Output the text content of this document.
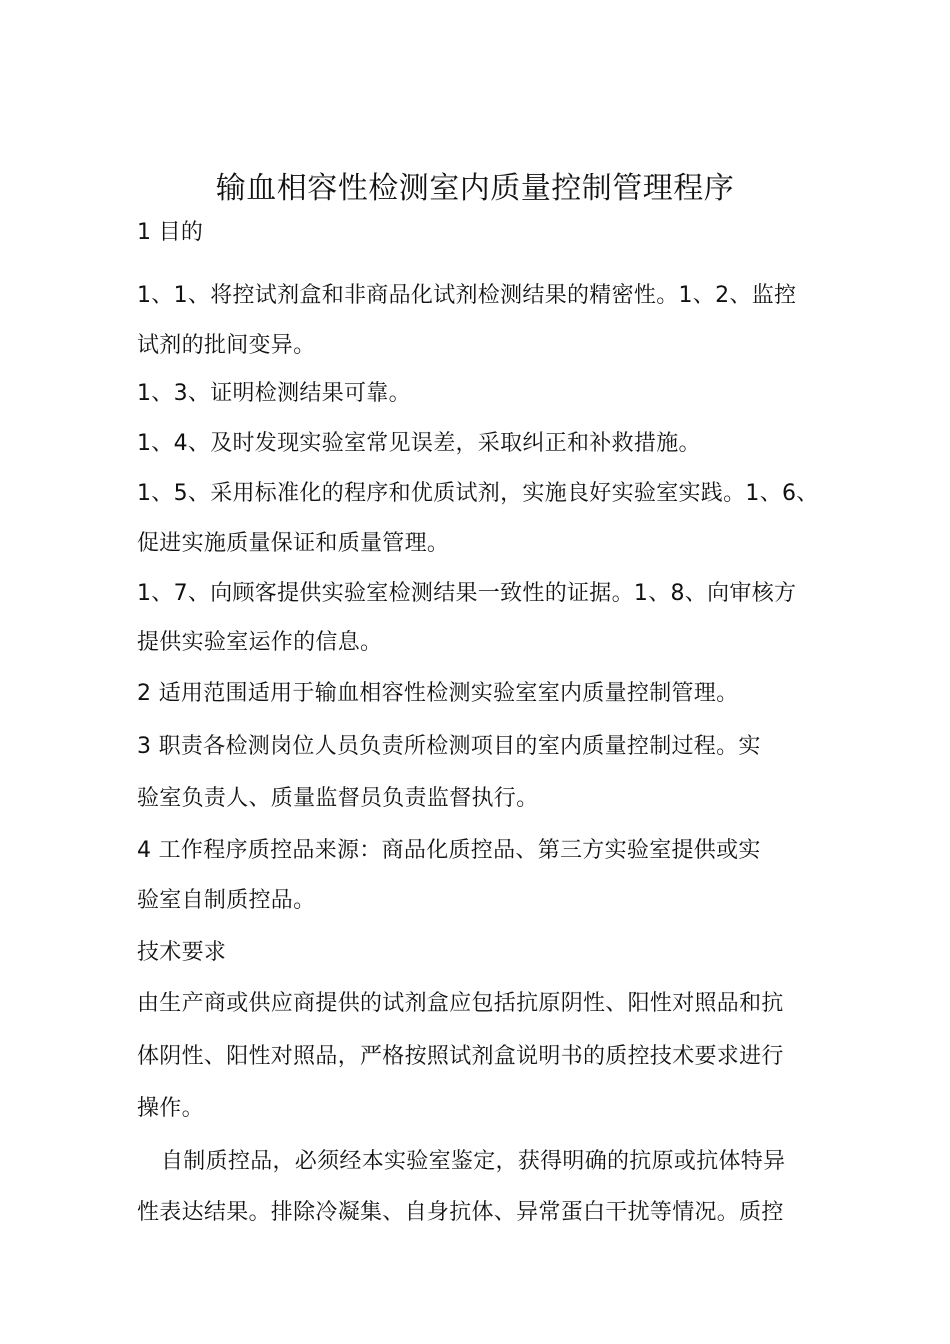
输血相容性检测室内质量控制管理程序
1 目的
1、1、将控试剂盒和非商品化试剂检测结果的精密性。1、2、监控
试剂的批间变异。
1、3、证明检测结果可靠。
1、4、及时发现实验室常见误差，采取纠正和补救措施。
1、5、采用标准化的程序和优质试剂，实施良好实验室实践。1、6、
促进实施质量保证和质量管理。
1、7、向顾客提供实验室检测结果一致性的证据。1、8、向审核方
提供实验室运作的信息。
2 适用范围适用于输血相容性检测实验室室内质量控制管理。
3 职责各检测岗位人员负责所检测项目的室内质量控制过程。实
验室负责人、质量监督员负责监督执行。
4 工作程序质控品来源：商品化质控品、第三方实验室提供或实
验室自制质控品。
技术要求
由生产商或供应商提供的试剂盒应包括抗原阴性、阳性对照品和抗
体阴性、阳性对照品，严格按照试剂盒说明书的质控技术要求进行
操作。
自制质控品，必须经本实验室鉴定，获得明确的抗原或抗体特异
性表达结果。排除冷凝集、自身抗体、异常蛋白干扰等情况。质控
